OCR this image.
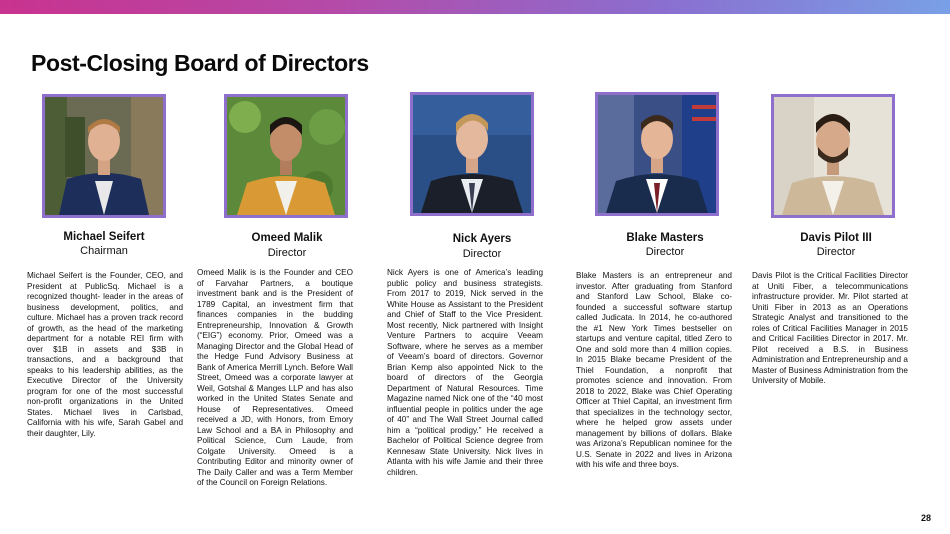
Post-Closing Board of Directors
Michael Seifert
Chairman

Michael Seifert is the Founder, CEO, and President at PublicSq. Michael is a recognized thought- leader in the areas of business development, politics, and culture. Michael has a proven track record of growth, as the head of the marketing department for a notable REI firm with over $1B in assets and $3B in transactions, and a background that speaks to his leadership abilities, as the Executive Director of the University program for one of the most successful non-profit organizations in the United States. Michael lives in Carlsbad, California with his wife, Sarah Gabel and their daughter, Lily.

Omeed Malik
Director

Omeed Malik is is the Founder and CEO of Farvahar Partners, a boutique investment bank and is the President of 1789 Capital, an investment firm that finances companies in the budding Entrepreneurship, Innovation & Growth (“EIG”) economy. Prior, Omeed was a Managing Director and the Global Head of the Hedge Fund Advisory Business at Bank of America Merrill Lynch. Before Wall Street, Omeed was a corporate lawyer at Weil, Gotshal & Manges LLP and has also worked in the United States Senate and House of Representatives. Omeed received a JD, with Honors, from Emory Law School and a BA in Philosophy and Political Science, Cum Laude, from Colgate University. Omeed is a Contributing Editor and minority owner of The Daily Caller and was a Term Member of the Council on Foreign Relations.

Nick Ayers
Director

Nick Ayers is one of America’s leading public policy and business strategists. From 2017 to 2019, Nick served in the White House as Assistant to the President and Chief of Staff to the Vice President. Most recently, Nick partnered with Insight Venture Partners to acquire Veeam Software, where he serves as a member of Veeam’s board of directors. Governor Brian Kemp also appointed Nick to the board of directors of the Georgia Department of Natural Resources. Time Magazine named Nick one of the “40 most influential people in politics under the age of 40” and The Wall Street Journal called him a “political prodigy.” He received a Bachelor of Political Science degree from Kennesaw State University. Nick lives in Atlanta with his wife Jamie and their three children.

Blake Masters
Director

Blake Masters is an entrepreneur and investor. After graduating from Stanford and Stanford Law School, Blake co-founded a successful software startup called Judicata. In 2014, he co-authored the #1 New York Times bestseller on startups and venture capital, titled Zero to One and sold more than 4 million copies. In 2015 Blake became President of the Thiel Foundation, a nonprofit that promotes science and innovation. From 2018 to 2022, Blake was Chief Operating Officer at Thiel Capital, an investment firm that specializes in the technology sector, where he helped grow assets under management by billions of dollars. Blake was Arizona’s Republican nominee for the U.S. Senate in 2022 and lives in Arizona with his wife and three boys.

Davis Pilot III
Director

Davis Pilot is the Critical Facilities Director at Uniti Fiber, a telecommunications infrastructure provider. Mr. Pilot started at Uniti Fiber in 2013 as an Operations Strategic Analyst and transitioned to the roles of Critical Facilities Manager in 2015 and Critical Facilities Director in 2017. Mr. Pilot received a B.S. in Business Administration and Entrepreneurship and a Master of Business Administration from the University of Mobile.

28
